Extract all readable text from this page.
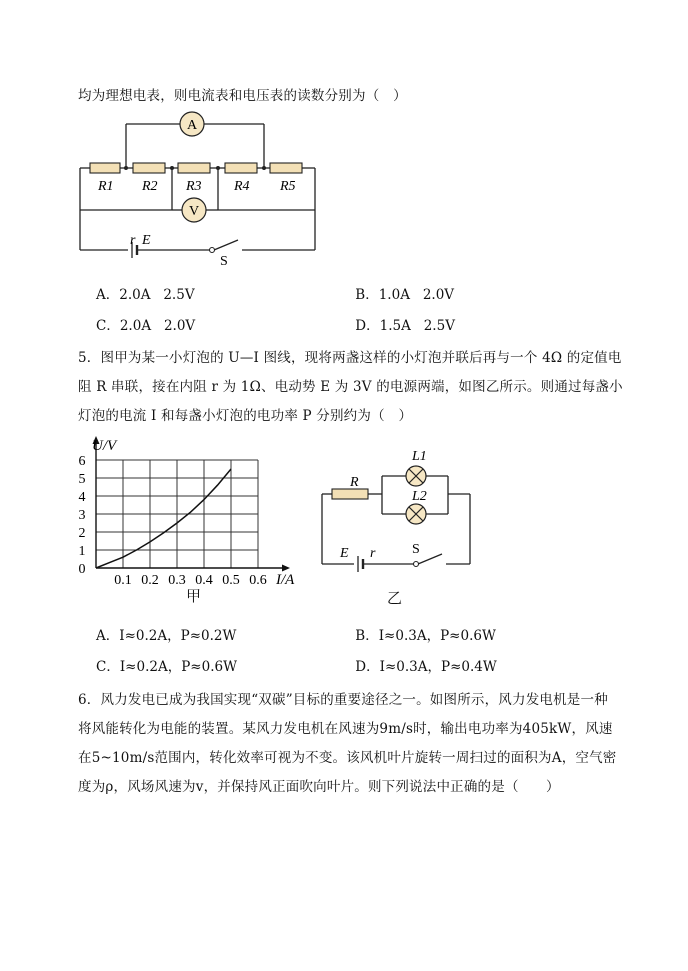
均为理想电表，则电流表和电压表的读数分别为（　）
A
V
R1 R2 R3 R4 R5
r E
S
A．2.0A 2.5V	B．1.0A 2.0V
C．2.0A 2.0V	D．1.5A 2.5V
5．图甲为某一小灯泡的 U—I 图线，现将两盏这样的小灯泡并联后再与一个 4Ω 的定值电
阻 R 串联，接在内阻 r 为 1Ω、电动势 E 为 3V 的电源两端，如图乙所示。则通过每盏小
灯泡的电流 I 和每盏小灯泡的电功率 P 分别约为（　）
0.1 0.2 0.3 0.4 0.5 0.6
0
1
2
3
4
5
6
I/A
U/V
甲
R
L1
L2
E r	S
乙
A．I≈0.2A，P≈0.2W	B．I≈0.3A，P≈0.6W
C．I≈0.2A，P≈0.6W	D．I≈0.3A，P≈0.4W
6．风力发电已成为我国实现“双碳”目标的重要途径之一。如图所示，风力发电机是一种
将风能转化为电能的装置。某风力发电机在风速为9m/s时，输出电功率为405kW，风速
在5~10m/s范围内，转化效率可视为不变。该风机叶片旋转一周扫过的面积为A，空气密
度为ρ，风场风速为v，并保持风正面吹向叶片。则下列说法中正确的是（　　）
